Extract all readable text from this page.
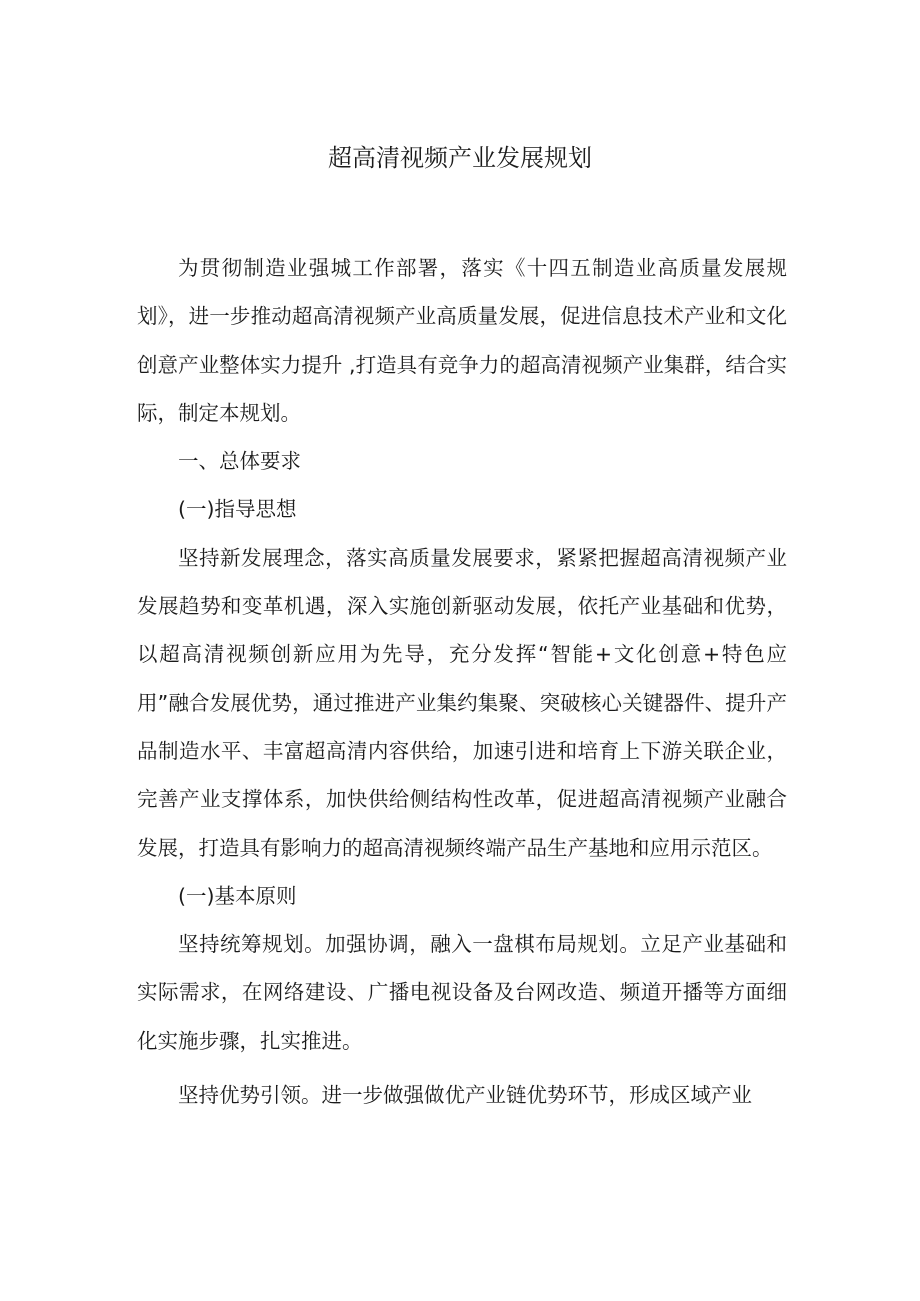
超高清视频产业发展规划

为贯彻制造业强城工作部署，落实《十四五制造业高质量发展规划》，进一步推动超高清视频产业高质量发展，促进信息技术产业和文化创意产业整体实力提升 ,打造具有竞争力的超高清视频产业集群，结合实际，制定本规划。

一、总体要求

(一)指导思想

坚持新发展理念，落实高质量发展要求，紧紧把握超高清视频产业发展趋势和变革机遇，深入实施创新驱动发展，依托产业基础和优势，以超高清视频创新应用为先导，充分发挥“智能+文化创意+特色应用”融合发展优势，通过推进产业集约集聚、突破核心关键器件、提升产品制造水平、丰富超高清内容供给，加速引进和培育上下游关联企业，完善产业支撑体系，加快供给侧结构性改革，促进超高清视频产业融合发展，打造具有影响力的超高清视频终端产品生产基地和应用示范区。

(一)基本原则

坚持统筹规划。加强协调，融入一盘棋布局规划。立足产业基础和实际需求，在网络建设、广播电视设备及台网改造、频道开播等方面细化实施步骤，扎实推进。

坚持优势引领。进一步做强做优产业链优势环节，形成区域产业
